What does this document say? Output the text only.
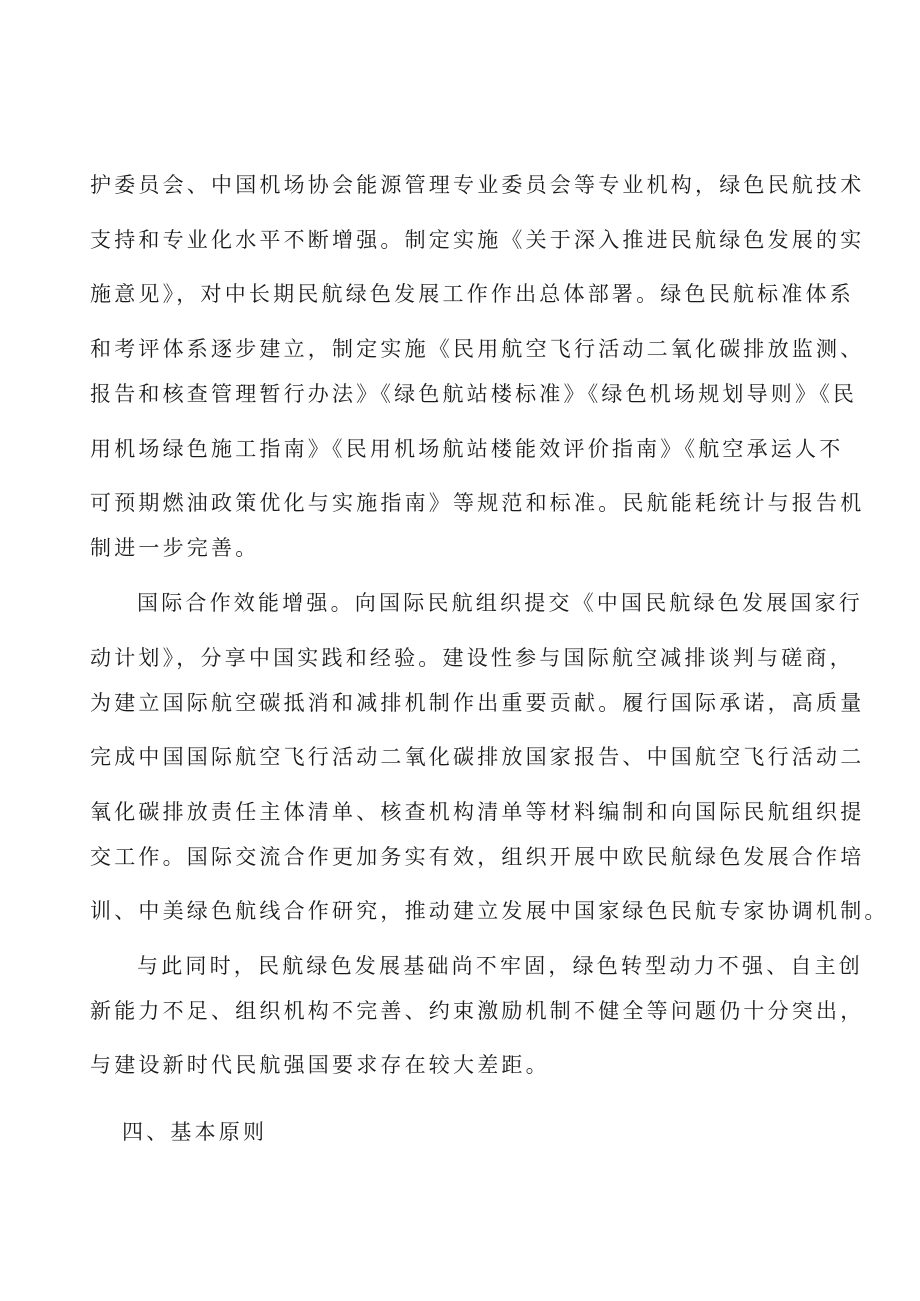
护委员会、中国机场协会能源管理专业委员会等专业机构，绿色民航技术

支持和专业化水平不断增强。制定实施《关于深入推进民航绿色发展的实

施意见》，对中长期民航绿色发展工作作出总体部署。绿色民航标准体系

和考评体系逐步建立，制定实施《民用航空飞行活动二氧化碳排放监测、

报告和核查管理暂行办法》《绿色航站楼标准》《绿色机场规划导则》《民

用机场绿色施工指南》《民用机场航站楼能效评价指南》《航空承运人不

可预期燃油政策优化与实施指南》等规范和标准。民航能耗统计与报告机

制进一步完善。

国际合作效能增强。向国际民航组织提交《中国民航绿色发展国家行

动计划》，分享中国实践和经验。建设性参与国际航空减排谈判与磋商，

为建立国际航空碳抵消和减排机制作出重要贡献。履行国际承诺，高质量

完成中国国际航空飞行活动二氧化碳排放国家报告、中国航空飞行活动二

氧化碳排放责任主体清单、核查机构清单等材料编制和向国际民航组织提

交工作。国际交流合作更加务实有效，组织开展中欧民航绿色发展合作培

训、中美绿色航线合作研究，推动建立发展中国家绿色民航专家协调机制。

与此同时，民航绿色发展基础尚不牢固，绿色转型动力不强、自主创

新能力不足、组织机构不完善、约束激励机制不健全等问题仍十分突出，

与建设新时代民航强国要求存在较大差距。

四、基本原则
